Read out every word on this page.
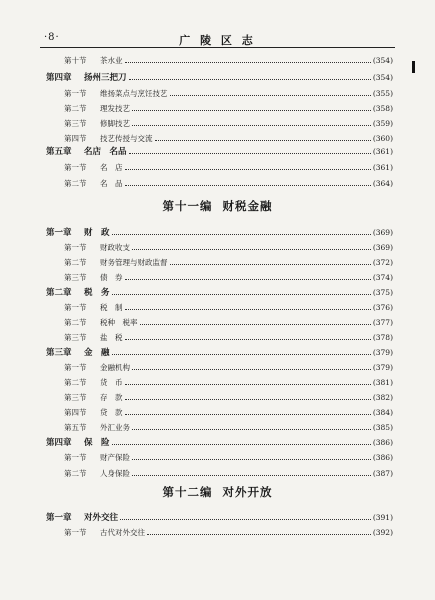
·8·	广 陵 区 志
第十节 茶水业	(354)
第四章 扬州三把刀	(354)
第一节 维扬菜点与烹饪技艺	(355)
第二节 理发技艺	(358)
第三节 修脚技艺	(359)
第四节 技艺传授与交流	(360)
第五章 名店　名品	(361)
第一节 名　店	(361)
第二节 名　品	(364)
第十一编 财税金融
第一章 财　政	(369)
第一节 财政收支	(369)
第二节 财务管理与财政监督	(372)
第三节 债　券	(374)
第二章 税　务	(375)
第一节 税　制	(376)
第二节 税种　税率	(377)
第三节 盐　税	(378)
第三章 金　融	(379)
第一节 金融机构	(379)
第二节 货　币	(381)
第三节 存　款	(382)
第四节 贷　款	(384)
第五节 外汇业务	(385)
第四章 保　险	(386)
第一节 财产保险	(386)
第二节 人身保险	(387)
第十二编 对外开放
第一章 对外交往	(391)
第一节 古代对外交往	(392)
